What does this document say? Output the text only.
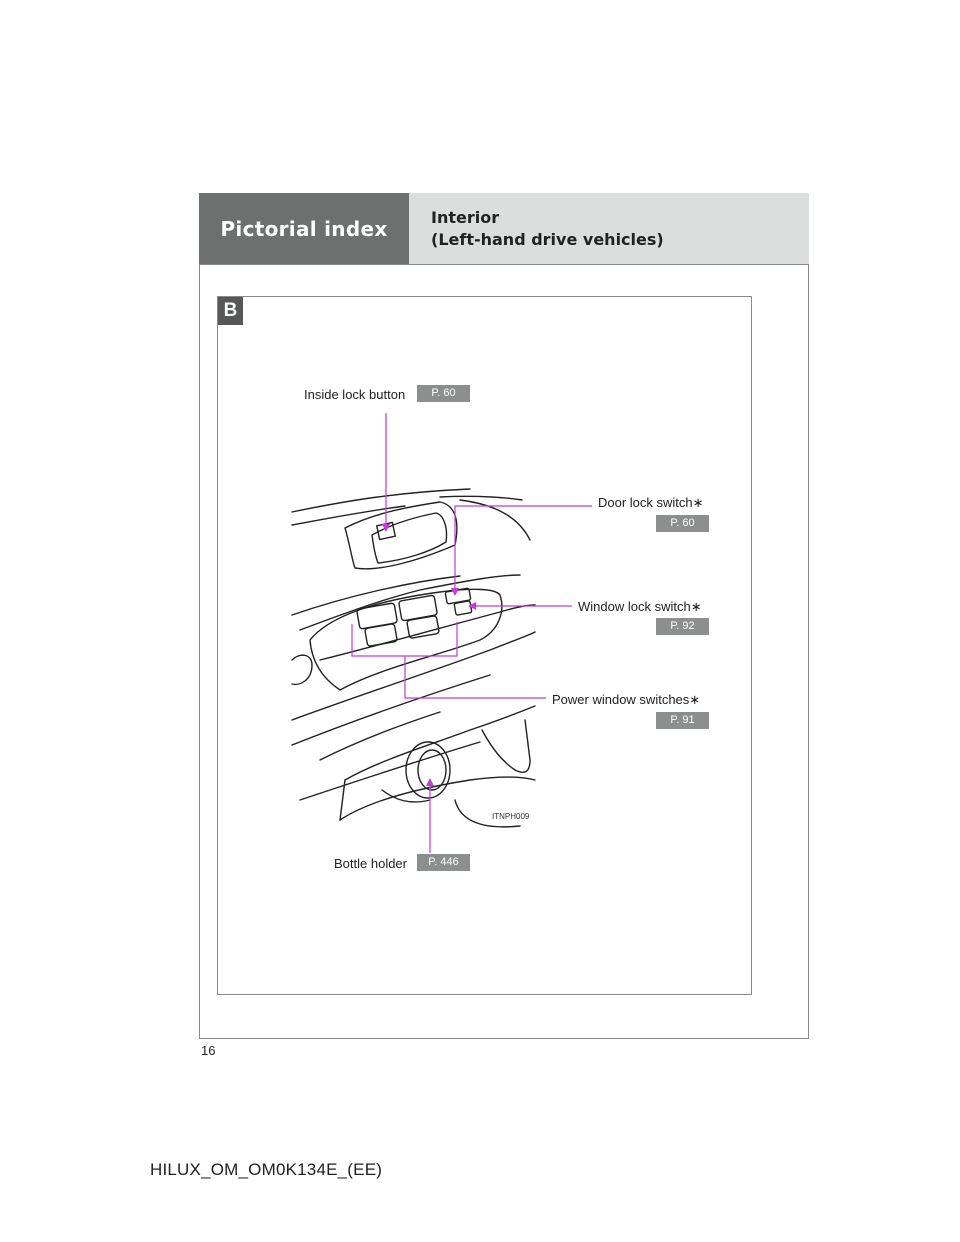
Pictorial index	Interior
(Left-hand drive vehicles)
B
Inside lock button	P. 60
Door lock switch∗
P. 60
Window lock switch∗
P. 92
Power window switches∗
P. 91
Bottle holder	P. 446
ITNPH009
16
HILUX_OM_OM0K134E_(EE)
